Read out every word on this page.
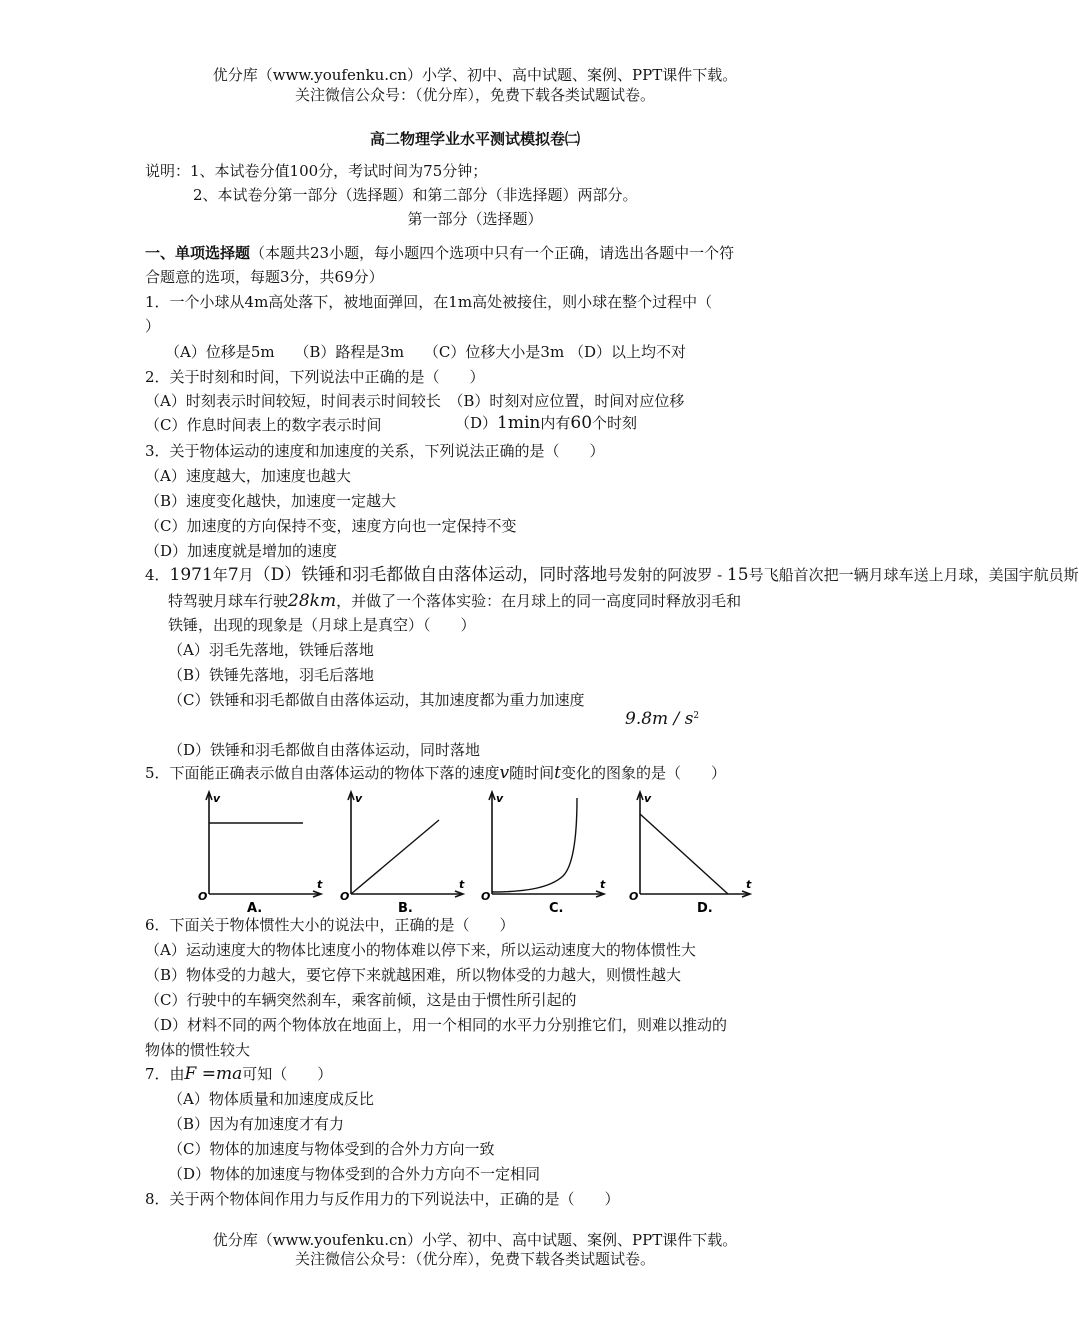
优分库（www.youfenku.cn）小学、初中、高中试题、案例、PPT课件下载。
关注微信公众号：（优分库），免费下载各类试题试卷。
高二物理学业水平测试模拟卷㈡
说明：1、本试卷分值100分，考试时间为75分钟；
2、本试卷分第一部分（选择题）和第二部分（非选择题）两部分。
第一部分（选择题）
一、单项选择题（本题共23小题，每小题四个选项中只有一个正确，请选出各题中一个符
合题意的选项，每题3分，共69分）
1．一个小球从4m高处落下，被地面弹回，在1m高处被接住，则小球在整个过程中（
）
（A）位移是5m　 （B）路程是3m　 （C）位移大小是3m （D）以上均不对
2．关于时刻和时间，下列说法中正确的是（　　）
（A）时刻表示时间较短，时间表示时间较长　（B）时刻对应位置，时间对应位移
（C）作息时间表上的数字表示时间	（D）1min内有60个时刻
3．关于物体运动的速度和加速度的关系，下列说法正确的是（　　）
（A）速度越大，加速度也越大
（B）速度变化越快，加速度一定越大
（C）加速度的方向保持不变，速度方向也一定保持不变
（D）加速度就是增加的速度
4．1971年7月（D）铁锤和羽毛都做自由落体运动，同时落地号发射的阿波罗 - 15号飞船首次把一辆月球车送上月球，美国宇航员斯
特驾驶月球车行驶28km，并做了一个落体实验：在月球上的同一高度同时释放羽毛和
铁锤，出现的现象是（月球上是真空）（　　）
（A）羽毛先落地，铁锤后落地
（B）铁锤先落地，羽毛后落地
（C）铁锤和羽毛都做自由落体运动，其加速度都为重力加速度
$9.8m / s^2$
（D）铁锤和羽毛都做自由落体运动，同时落地
5．下面能正确表示做自由落体运动的物体下落的速度v随时间t变化的图象的是（　　）
v
t
O
A.
v
t
O
B.
v
t
O
C.
v
t
O
D.
6．下面关于物体惯性大小的说法中，正确的是（　　）
（A）运动速度大的物体比速度小的物体难以停下来，所以运动速度大的物体惯性大
（B）物体受的力越大，要它停下来就越困难，所以物体受的力越大，则惯性越大
（C）行驶中的车辆突然刹车，乘客前倾，这是由于惯性所引起的
（D）材料不同的两个物体放在地面上，用一个相同的水平力分别推它们，则难以推动的
物体的惯性较大
7．由F =ma可知（　　）
（A）物体质量和加速度成反比
（B）因为有加速度才有力
（C）物体的加速度与物体受到的合外力方向一致
（D）物体的加速度与物体受到的合外力方向不一定相同
8．关于两个物体间作用力与反作用力的下列说法中，正确的是（　　）
优分库（www.youfenku.cn）小学、初中、高中试题、案例、PPT课件下载。
关注微信公众号：（优分库），免费下载各类试题试卷。
